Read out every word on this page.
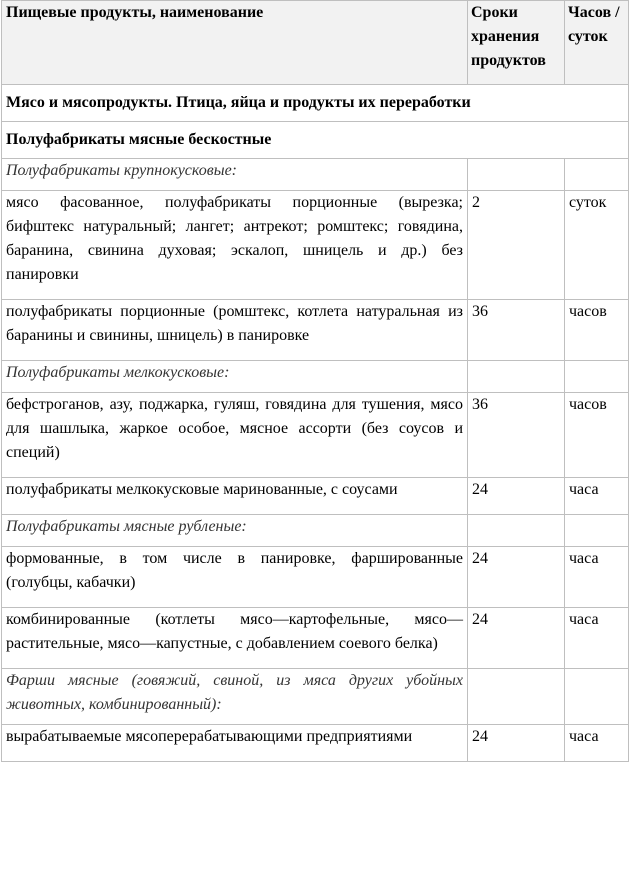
Пищевые продукты, наименование	Сроки хранения продуктов	Часов /суток
Мясо и мясопродукты. Птица, яйца и продукты их переработки		
Полуфабрикаты мясные бескостные		
Полуфабрикаты крупнокусковые:		
мясо фасованное, полуфабрикаты порционные (вырезка; бифштекс натуральный; лангет; антрекот; ромштекс; говядина, баранина, свинина духовая; эскалоп, шницель и др.) без панировки	2	суток
полуфабрикаты порционные (ромштекс, котлета натуральная из баранины и свинины, шницель) в панировке	36	часов
Полуфабрикаты мелкокусковые:		
бефстроганов, азу, поджарка, гуляш, говядина для тушения, мясо для шашлыка, жаркое особое, мясное ассорти (без соусов и специй)	36	часов
полуфабрикаты мелкокусковые маринованные, с соусами	24	часа
Полуфабрикаты мясные рубленые:		
формованные, в том числе в панировке, фаршированные (голубцы, кабачки)	24	часа
комбинированные (котлеты мясо—картофельные, мясо—растительные, мясо—капустные, с добавлением соевого белка)	24	часа
Фарши мясные (говяжий, свиной, из мяса других убойных животных, комбинированный):		
вырабатываемые мясоперерабатывающими предприятиями	24	часа
